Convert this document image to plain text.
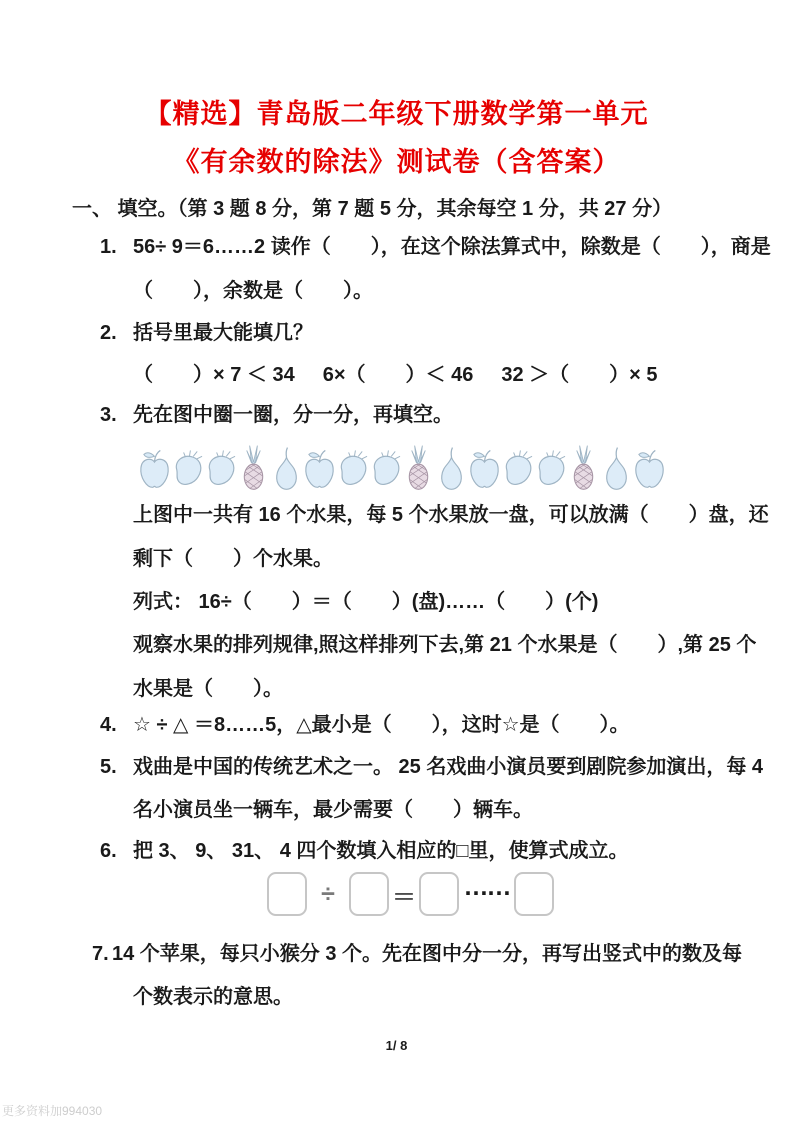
【精选】青岛版二年级下册数学第一单元
《有余数的除法》测试卷（含答案）
一、 填空。（第 3 题 8 分，第 7 题 5 分，其余每空 1 分，共 27 分）
1. 56÷ 9＝6……2 读作（　　），在这个除法算式中，除数是（　　），商是
（　　），余数是（　　）。
2. 括号里最大能填几？
（　　）× 7 ＜ 34 6×（　　）＜ 46 32 ＞（　　）× 5
3. 先在图中圈一圈，分一分，再填空。
上图中一共有 16 个水果，每 5 个水果放一盘，可以放满（　　）盘，还
剩下（　　）个水果。
列式： 16÷（　　）＝（　　）(盘)……（　　）(个)
观察水果的排列规律,照这样排列下去,第 21 个水果是（　　）,第 25 个
水果是（　　）。
4. ☆ ÷ △ ＝8……5，△最小是（　　），这时☆是（　　）。
5. 戏曲是中国的传统艺术之一。 25 名戏曲小演员要到剧院参加演出，每 4
名小演员坐一辆车，最少需要（　　）辆车。
6. 把 3、 9、 31、 4 四个数填入相应的□里，使算式成立。
÷	＝ ……
7. 14 个苹果，每只小猴分 3 个。先在图中分一分，再写出竖式中的数及每
个数表示的意思。
1/ 8
更多资料加994030
